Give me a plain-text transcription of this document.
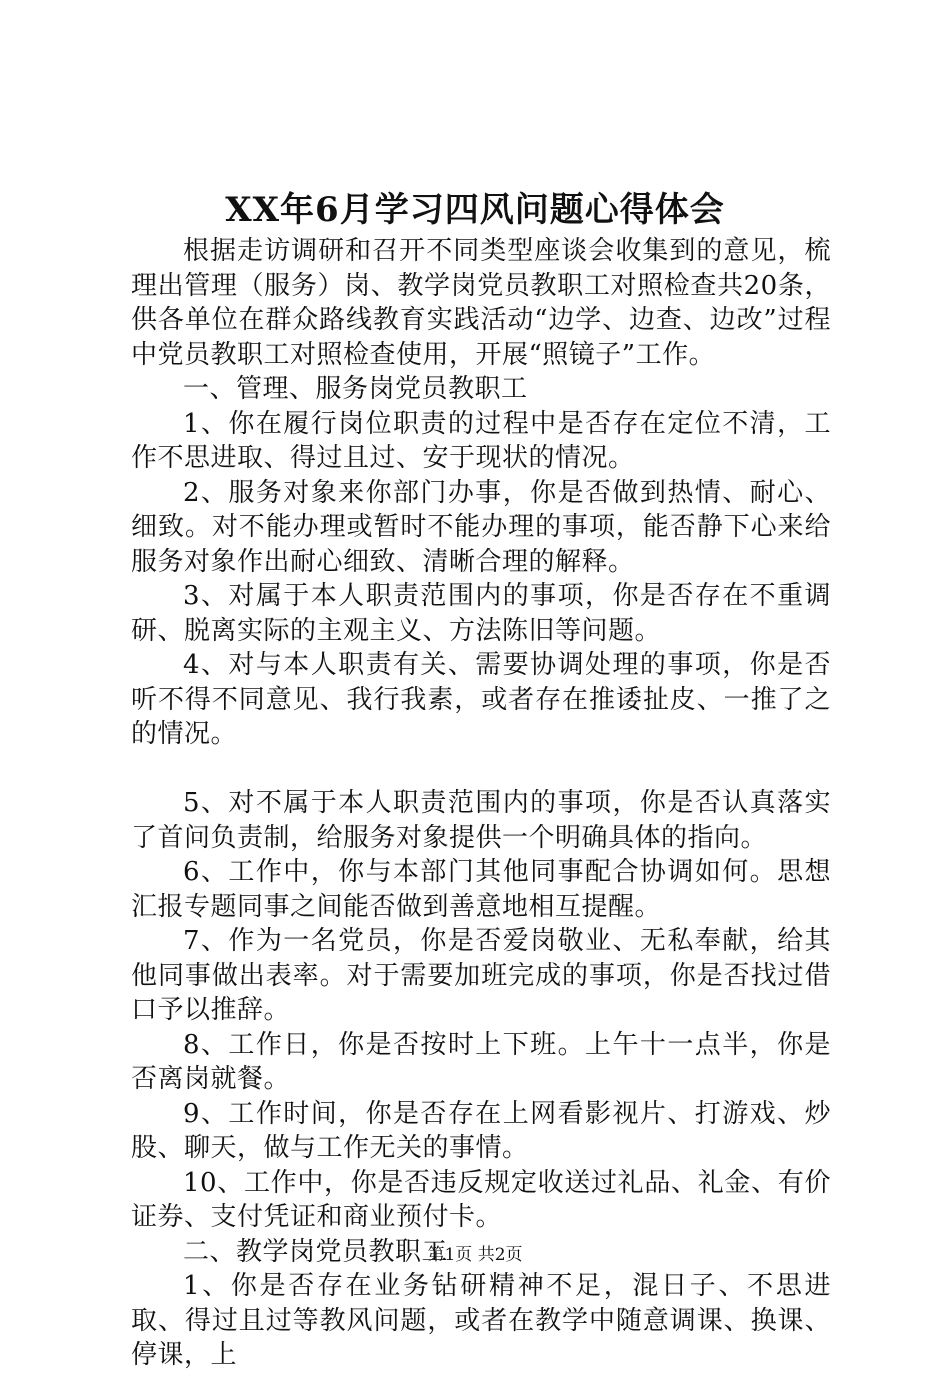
XX年6月学习四风问题心得体会

根据走访调研和召开不同类型座谈会收集到的意见，梳理出管理（服务）岗、教学岗党员教职工对照检查共20条，供各单位在群众路线教育实践活动“边学、边查、边改”过程中党员教职工对照检查使用，开展“照镜子”工作。

一、管理、服务岗党员教职工

1、你在履行岗位职责的过程中是否存在定位不清，工作不思进取、得过且过、安于现状的情况。

2、服务对象来你部门办事，你是否做到热情、耐心、细致。对不能办理或暂时不能办理的事项，能否静下心来给服务对象作出耐心细致、清晰合理的解释。

3、对属于本人职责范围内的事项，你是否存在不重调研、脱离实际的主观主义、方法陈旧等问题。

4、对与本人职责有关、需要协调处理的事项，你是否听不得不同意见、我行我素，或者存在推诿扯皮、一推了之的情况。

5、对不属于本人职责范围内的事项，你是否认真落实了首问负责制，给服务对象提供一个明确具体的指向。

6、工作中，你与本部门其他同事配合协调如何。思想汇报专题同事之间能否做到善意地相互提醒。

7、作为一名党员，你是否爱岗敬业、无私奉献，给其他同事做出表率。对于需要加班完成的事项，你是否找过借口予以推辞。

8、工作日，你是否按时上下班。上午十一点半，你是否离岗就餐。

9、工作时间，你是否存在上网看影视片、打游戏、炒股、聊天，做与工作无关的事情。

10、工作中，你是否违反规定收送过礼品、礼金、有价证券、支付凭证和商业预付卡。

二、教学岗党员教职工

1、你是否存在业务钻研精神不足，混日子、不思进取、得过且过等教风问题，或者在教学中随意调课、换课、停课，上

第1页 共2页
